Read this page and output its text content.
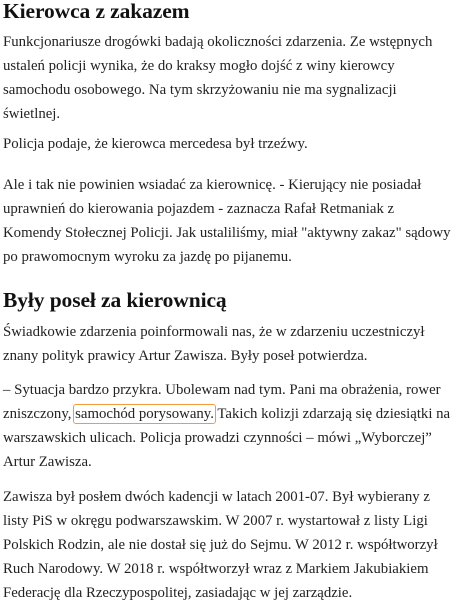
Kierowca z zakazem

Funkcjonariusze drogówki badają okoliczności zdarzenia. Ze wstępnych ustaleń policji wynika, że do kraksy mogło dojść z winy kierowcy samochodu osobowego. Na tym skrzyżowaniu nie ma sygnalizacji świetlnej.

Policja podaje, że kierowca mercedesa był trzeźwy.

Ale i tak nie powinien wsiadać za kierownicę. - Kierujący nie posiadał uprawnień do kierowania pojazdem - zaznacza Rafał Retmaniak z Komendy Stołecznej Policji. Jak ustaliliśmy, miał "aktywny zakaz" sądowy po prawomocnym wyroku za jazdę po pijanemu.

Były poseł za kierownicą

Świadkowie zdarzenia poinformowali nas, że w zdarzeniu uczestniczył znany polityk prawicy Artur Zawisza. Były poseł potwierdza.

– Sytuacja bardzo przykra. Ubolewam nad tym. Pani ma obrażenia, rower zniszczony, samochód porysowany. Takich kolizji zdarzają się dziesiątki na warszawskich ulicach. Policja prowadzi czynności – mówi „Wyborczej” Artur Zawisza.

Zawisza był posłem dwóch kadencji w latach 2001-07. Był wybierany z listy PiS w okręgu podwarszawskim. W 2007 r. wystartował z listy Ligi Polskich Rodzin, ale nie dostał się już do Sejmu. W 2012 r. współtworzył Ruch Narodowy. W 2018 r. współtworzył wraz z Markiem Jakubiakiem Federację dla Rzeczypospolitej, zasiadając w jej zarządzie.
